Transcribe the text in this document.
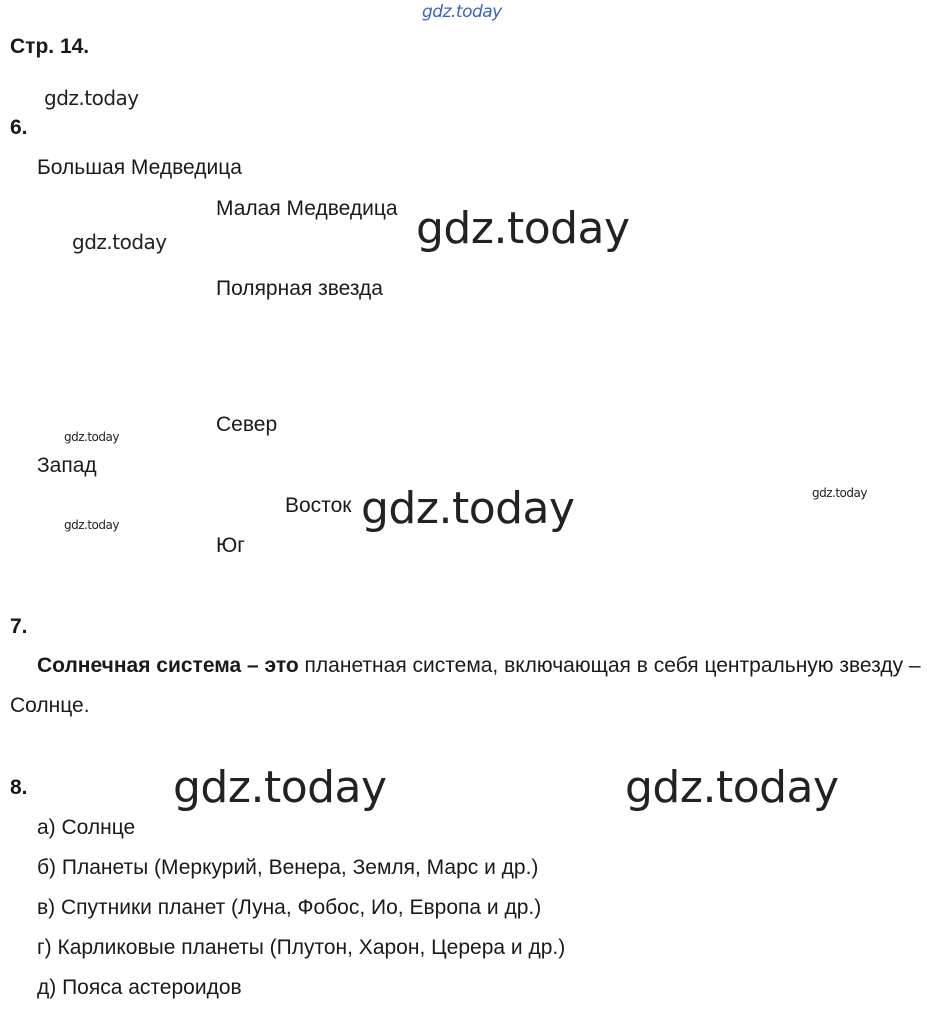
gdz.today
gdz.today
gdz.today	gdz.today
gdz.today
gdz.today
gdz.today
gdz.today
gdz.today	gdz.today
Стр. 14.
6.
Большая Медведица
Малая Медведица
Полярная звезда
Север
Запад
Восток
Юг
7.
Солнечная система – это планетная система, включающая в себя центральную звезду – Солнце.
8.
а) Солнце
б) Планеты (Меркурий, Венера, Земля, Марс и др.)
в) Спутники планет (Луна, Фобос, Ио, Европа и др.)
г) Карликовые планеты (Плутон, Харон, Церера и др.)
д) Пояса астероидов
